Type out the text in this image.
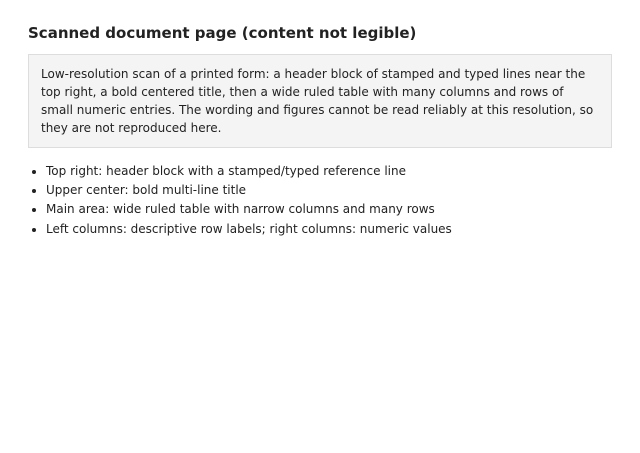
Scanned document page (content not legible)
Low-resolution scan of a printed form: a header block of stamped and typed lines near the top right, a bold centered title, then a wide ruled table with many columns and rows of small numeric entries. The wording and figures cannot be read reliably at this resolution, so they are not reproduced here.
• Top right: header block with a stamped/typed reference line
• Upper center: bold multi-line title
• Main area: wide ruled table with narrow columns and many rows
• Left columns: descriptive row labels; right columns: numeric values
